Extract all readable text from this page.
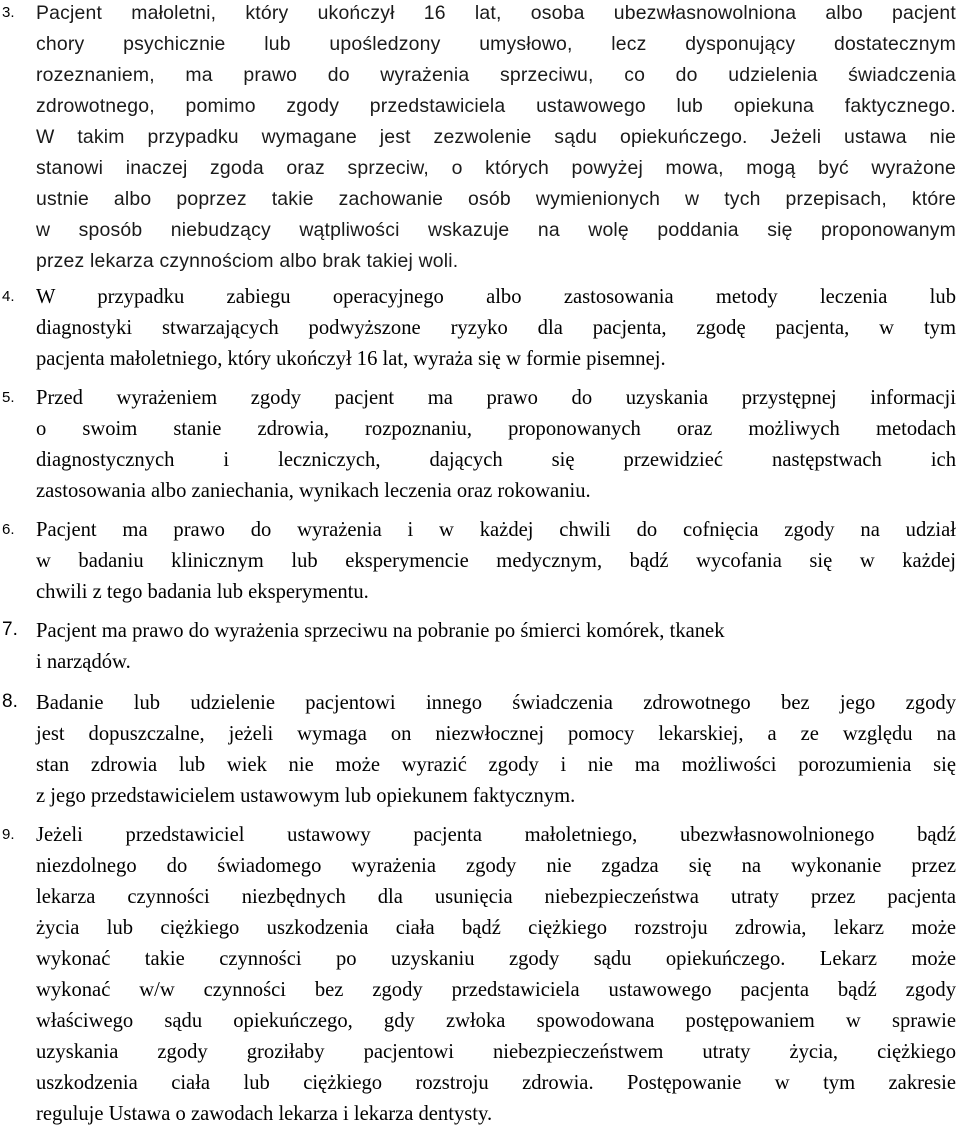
3. Pacjent małoletni, który ukończył 16 lat, osoba ubezwłasnowolniona albo pacjent
chory psychicznie lub upośledzony umysłowo, lecz dysponujący dostatecznym
rozeznaniem, ma prawo do wyrażenia sprzeciwu, co do udzielenia świadczenia
zdrowotnego, pomimo zgody przedstawiciela ustawowego lub opiekuna faktycznego.
W takim przypadku wymagane jest zezwolenie sądu opiekuńczego. Jeżeli ustawa nie
stanowi inaczej zgoda oraz sprzeciw, o których powyżej mowa, mogą być wyrażone
ustnie albo poprzez takie zachowanie osób wymienionych w tych przepisach, które
w sposób niebudzący wątpliwości wskazuje na wolę poddania się proponowanym
przez lekarza czynnościom albo brak takiej woli.
4. W przypadku zabiegu operacyjnego albo zastosowania metody leczenia lub
diagnostyki stwarzających podwyższone ryzyko dla pacjenta, zgodę pacjenta, w tym
pacjenta małoletniego, który ukończył 16 lat, wyraża się w formie pisemnej.
5. Przed wyrażeniem zgody pacjent ma prawo do uzyskania przystępnej informacji
o swoim stanie zdrowia, rozpoznaniu, proponowanych oraz możliwych metodach
diagnostycznych i leczniczych, dających się przewidzieć następstwach ich
zastosowania albo zaniechania, wynikach leczenia oraz rokowaniu.
6. Pacjent ma prawo do wyrażenia i w każdej chwili do cofnięcia zgody na udział
w badaniu klinicznym lub eksperymencie medycznym, bądź wycofania się w każdej
chwili z tego badania lub eksperymentu.
7. Pacjent ma prawo do wyrażenia sprzeciwu na pobranie po śmierci komórek, tkanek
i narządów.
8. Badanie lub udzielenie pacjentowi innego świadczenia zdrowotnego bez jego zgody
jest dopuszczalne, jeżeli wymaga on niezwłocznej pomocy lekarskiej, a ze względu na
stan zdrowia lub wiek nie może wyrazić zgody i nie ma możliwości porozumienia się
z jego przedstawicielem ustawowym lub opiekunem faktycznym.
9. Jeżeli przedstawiciel ustawowy pacjenta małoletniego, ubezwłasnowolnionego bądź
niezdolnego do świadomego wyrażenia zgody nie zgadza się na wykonanie przez
lekarza czynności niezbędnych dla usunięcia niebezpieczeństwa utraty przez pacjenta
życia lub ciężkiego uszkodzenia ciała bądź ciężkiego rozstroju zdrowia, lekarz może
wykonać takie czynności po uzyskaniu zgody sądu opiekuńczego. Lekarz może
wykonać w/w czynności bez zgody przedstawiciela ustawowego pacjenta bądź zgody
właściwego sądu opiekuńczego, gdy zwłoka spowodowana postępowaniem w sprawie
uzyskania zgody groziłaby pacjentowi niebezpieczeństwem utraty życia, ciężkiego
uszkodzenia ciała lub ciężkiego rozstroju zdrowia. Postępowanie w tym zakresie
reguluje Ustawa o zawodach lekarza i lekarza dentysty.
